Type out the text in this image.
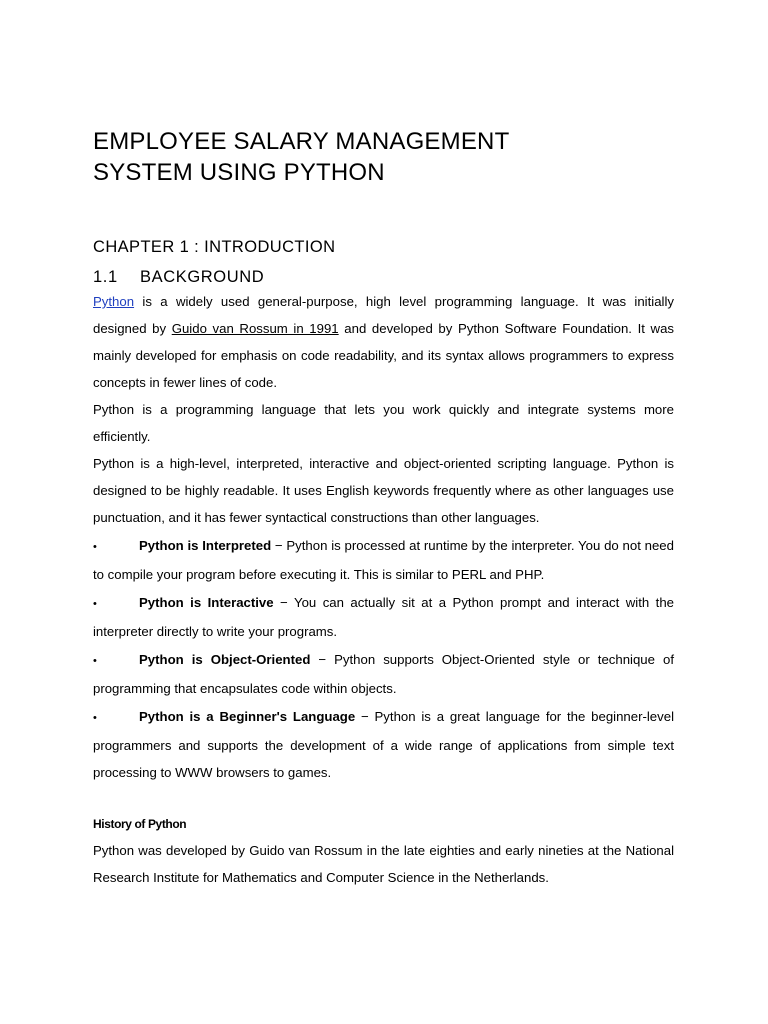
EMPLOYEE SALARY MANAGEMENT
SYSTEM USING PYTHON
CHAPTER 1 : INTRODUCTION
1.1	BACKGROUND

Python is a widely used general-purpose, high level programming language. It was initially designed by Guido van Rossum in 1991 and developed by Python Software Foundation. It was mainly developed for emphasis on code readability, and its syntax allows programmers to express concepts in fewer lines of code.

Python is a programming language that lets you work quickly and integrate systems more efficiently.

Python is a high-level, interpreted, interactive and object-oriented scripting language. Python is designed to be highly readable. It uses English keywords frequently where as other languages use punctuation, and it has fewer syntactical constructions than other languages.

•	Python is Interpreted − Python is processed at runtime by the interpreter. You do not need to compile your program before executing it. This is similar to PERL and PHP.

•	Python is Interactive − You can actually sit at a Python prompt and interact with the interpreter directly to write your programs.

•	Python is Object-Oriented − Python supports Object-Oriented style or technique of programming that encapsulates code within objects.

•	Python is a Beginner's Language − Python is a great language for the beginner-level programmers and supports the development of a wide range of applications from simple text processing to WWW browsers to games.

History of Python

Python was developed by Guido van Rossum in the late eighties and early nineties at the National Research Institute for Mathematics and Computer Science in the Netherlands.
